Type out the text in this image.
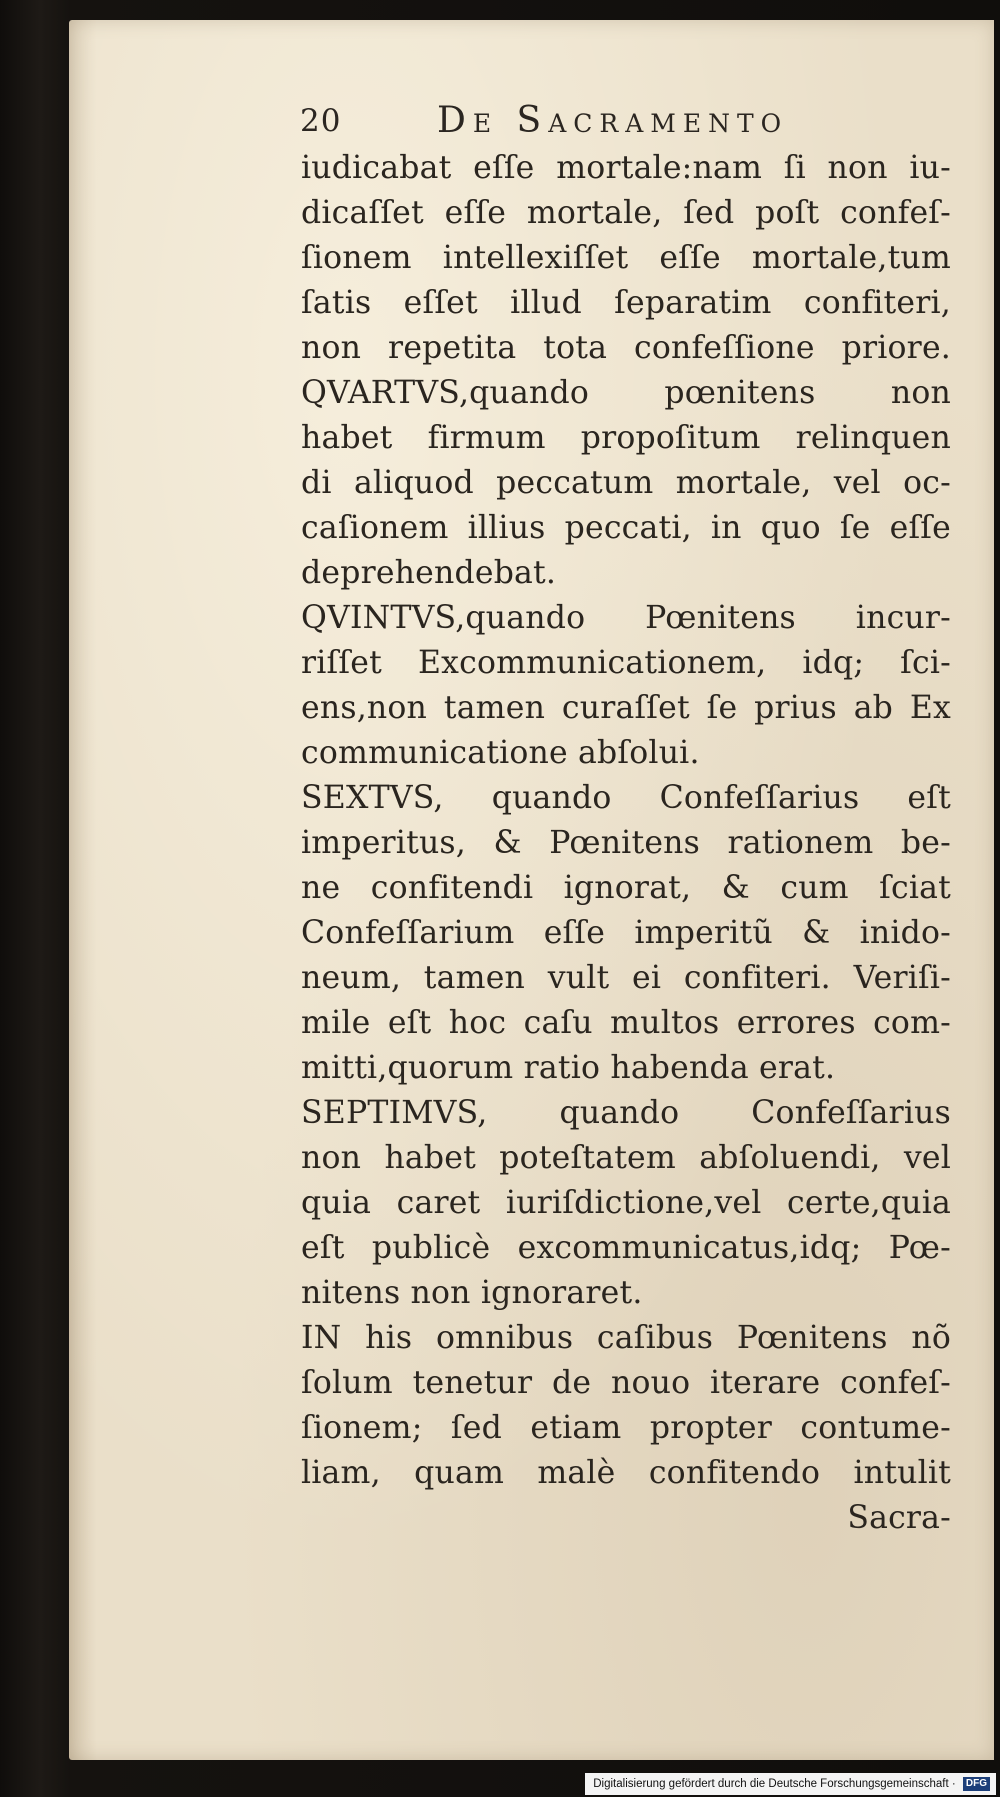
20	De Sacramento
iudicabat eſſe mortale:nam ſi non iu-
dicaſſet eſſe mortale, ſed poſt confeſ-
ſionem intellexiſſet eſſe mortale,tum
ſatis eſſet illud ſeparatim confiteri,
non repetita tota confeſſione priore.
QVARTVS,quando pœnitens non
habet firmum propoſitum relinquen
di aliquod peccatum mortale, vel oc-
caſionem illius peccati, in quo ſe eſſe
deprehendebat.
QVINTVS,quando Pœnitens incur-
riſſet Excommunicationem, idq; ſci-
ens,non tamen curaſſet ſe prius ab Ex
communicatione abſolui.
SEXTVS, quando Confeſſarius eſt
imperitus, & Pœnitens rationem be-
ne confitendi ignorat, & cum ſciat
Confeſſarium eſſe imperitũ & inido-
neum, tamen vult ei confiteri. Veriſi-
mile eſt hoc caſu multos errores com-
mitti,quorum ratio habenda erat.
SEPTIMVS, quando Confeſſarius
non habet poteſtatem abſoluendi, vel
quia caret iuriſdictione,vel certe,quia
eſt publicè excommunicatus,idq; Pœ-
nitens non ignoraret.
IN his omnibus caſibus Pœnitens nõ
ſolum tenetur de nouo iterare confeſ-
ſionem; ſed etiam propter contume-
liam, quam malè confitendo intulit
Sacra-
Digitalisierung gefördert durch die Deutsche Forschungsgemeinschaft · DFG
